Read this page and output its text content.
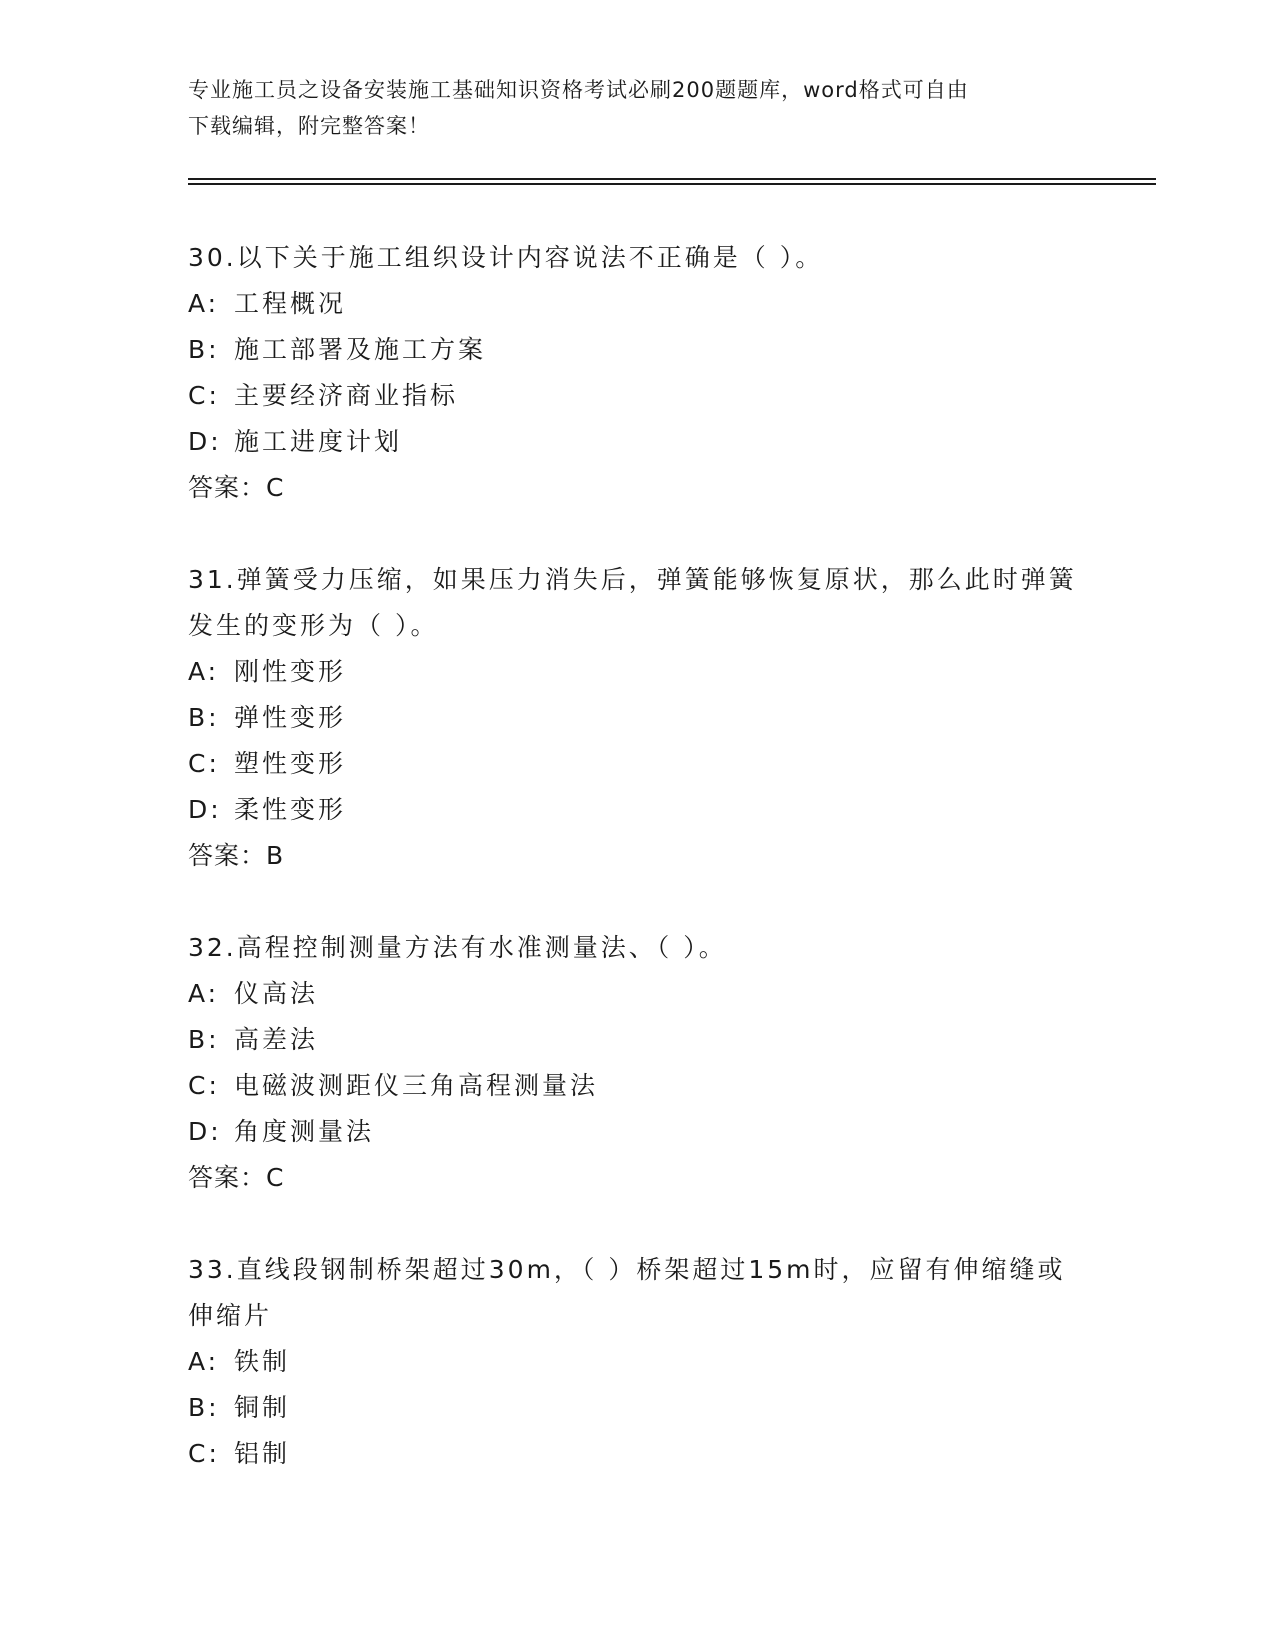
专业施工员之设备安装施工基础知识资格考试必刷200题题库，word格式可自由
下载编辑，附完整答案！

30.以下关于施工组织设计内容说法不正确是（ ）。

A: 工程概况

B: 施工部署及施工方案

C: 主要经济商业指标

D: 施工进度计划

答案：C

31.弹簧受力压缩，如果压力消失后，弹簧能够恢复原状，那么此时弹簧发生的变形为（ ）。

A: 刚性变形

B: 弹性变形

C: 塑性变形

D: 柔性变形

答案：B

32.高程控制测量方法有水准测量法、（ ）。

A: 仪高法

B: 高差法

C: 电磁波测距仪三角高程测量法

D: 角度测量法

答案：C

33.直线段钢制桥架超过30m，（ ）桥架超过15m时，应留有伸缩缝或伸缩片

A: 铁制

B: 铜制

C: 铝制
